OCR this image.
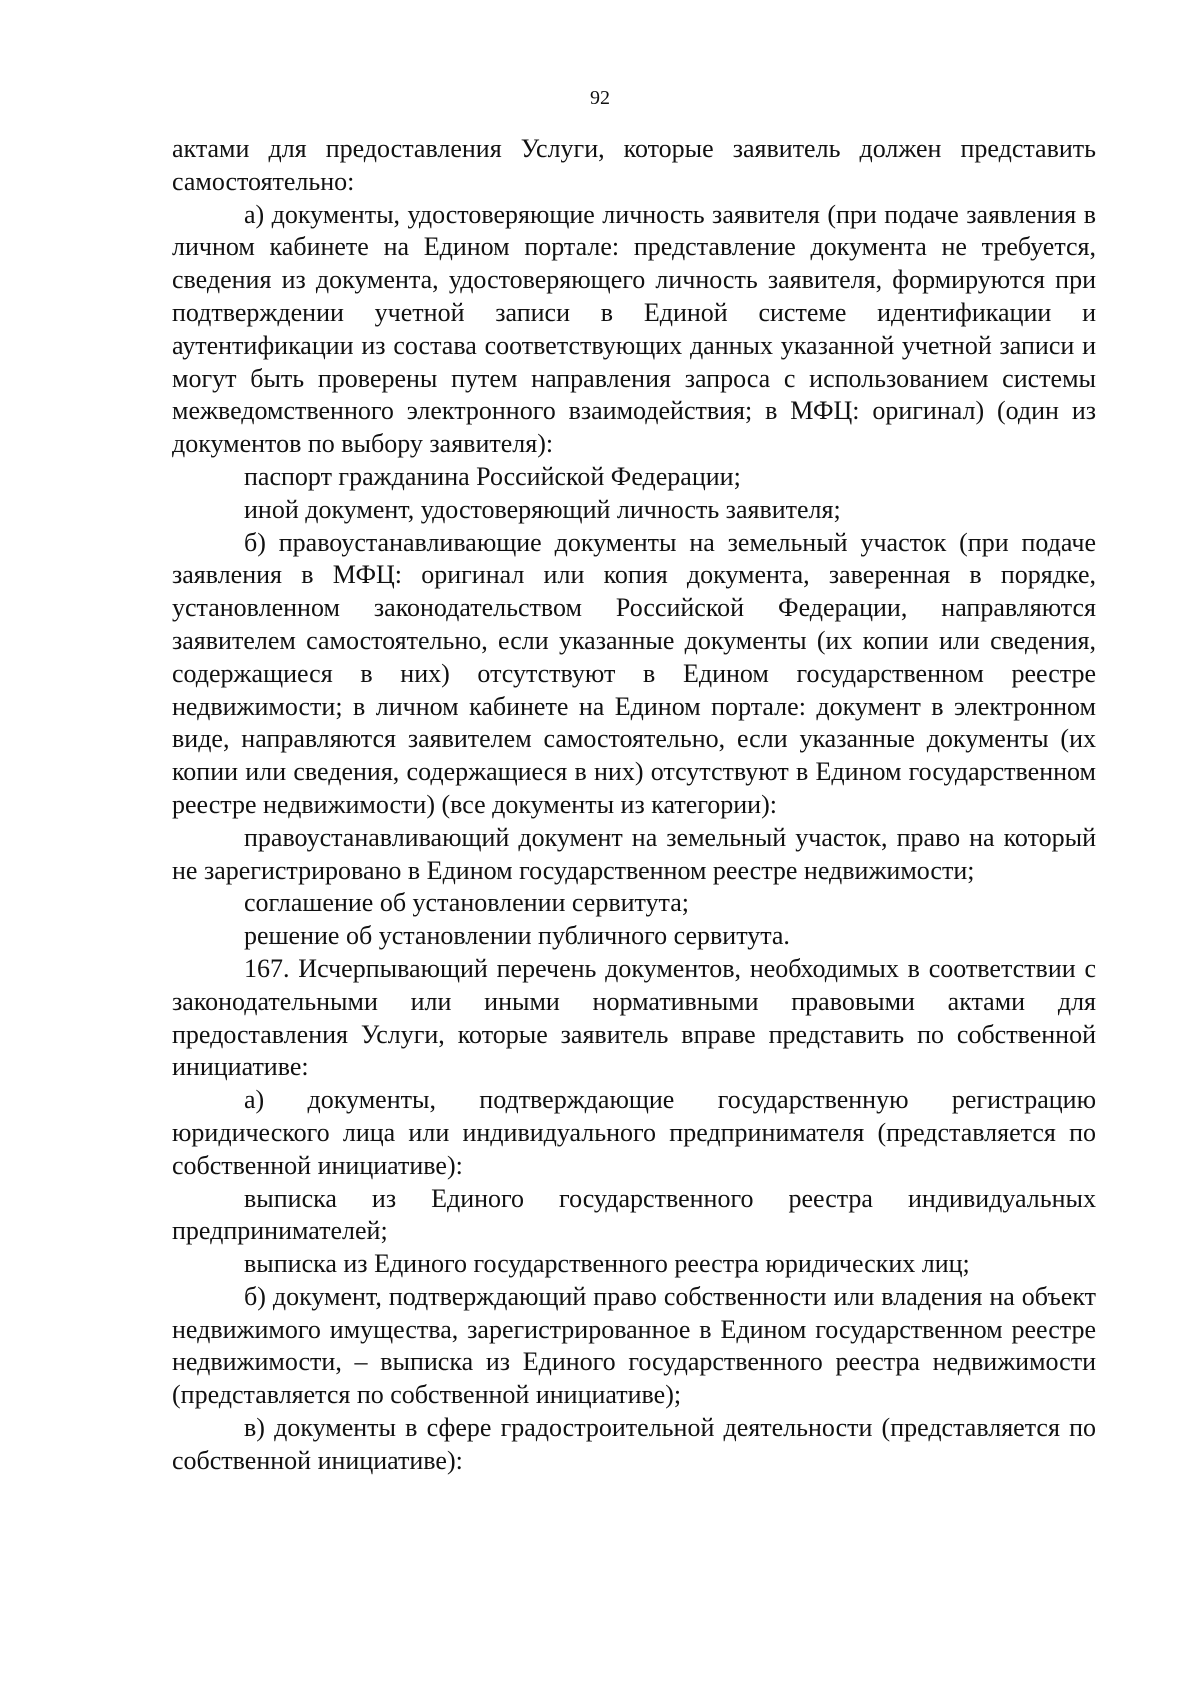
92

актами для предоставления Услуги, которые заявитель должен представить самостоятельно:

а) документы, удостоверяющие личность заявителя (при подаче заявления в личном кабинете на Едином портале: представление документа не требуется, сведения из документа, удостоверяющего личность заявителя, формируются при подтверждении учетной записи в Единой системе идентификации и аутентификации из состава соответствующих данных указанной учетной записи и могут быть проверены путем направления запроса с использованием системы межведомственного электронного взаимодействия; в МФЦ: оригинал) (один из документов по выбору заявителя):

паспорт гражданина Российской Федерации;

иной документ, удостоверяющий личность заявителя;

б) правоустанавливающие документы на земельный участок (при подаче заявления в МФЦ: оригинал или копия документа, заверенная в порядке, установленном законодательством Российской Федерации, направляются заявителем самостоятельно, если указанные документы (их копии или сведения, содержащиеся в них) отсутствуют в Едином государственном реестре недвижимости; в личном кабинете на Едином портале: документ в электронном виде, направляются заявителем самостоятельно, если указанные документы (их копии или сведения, содержащиеся в них) отсутствуют в Едином государственном реестре недвижимости) (все документы из категории):

правоустанавливающий документ на земельный участок, право на который не зарегистрировано в Едином государственном реестре недвижимости;

соглашение об установлении сервитута;

решение об установлении публичного сервитута.

167. Исчерпывающий перечень документов, необходимых в соответствии с законодательными или иными нормативными правовыми актами для предоставления Услуги, которые заявитель вправе представить по собственной инициативе:

а) документы, подтверждающие государственную регистрацию юридического лица или индивидуального предпринимателя (представляется по собственной инициативе):

выписка из Единого государственного реестра индивидуальных предпринимателей;

выписка из Единого государственного реестра юридических лиц;

б) документ, подтверждающий право собственности или владения на объект недвижимого имущества, зарегистрированное в Едином государственном реестре недвижимости, – выписка из Единого государственного реестра недвижимости (представляется по собственной инициативе);

в) документы в сфере градостроительной деятельности (представляется по собственной инициативе):
